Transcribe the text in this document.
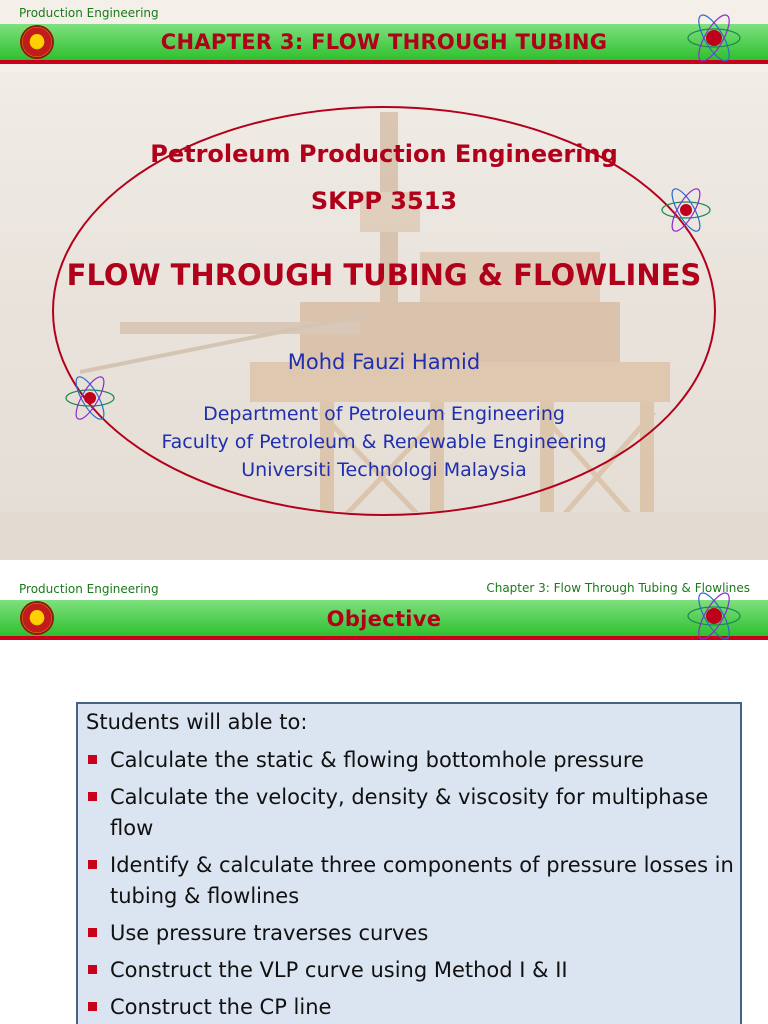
Production Engineering
CHAPTER 3: FLOW THROUGH TUBING
Petroleum Production Engineering
SKPP 3513
FLOW THROUGH TUBING & FLOWLINES
Mohd Fauzi Hamid
Department of Petroleum Engineering
Faculty of Petroleum & Renewable Engineering
Universiti Technologi Malaysia
Production Engineering	Chapter 3: Flow Through Tubing & Flowlines
Objective
Students will able to:
Calculate the static & flowing bottomhole pressure
Calculate the velocity, density & viscosity for multiphase flow
Identify & calculate three components of pressure losses in tubing & flowlines
Use pressure traverses curves
Construct the VLP curve using Method I & II
Construct the CP line
